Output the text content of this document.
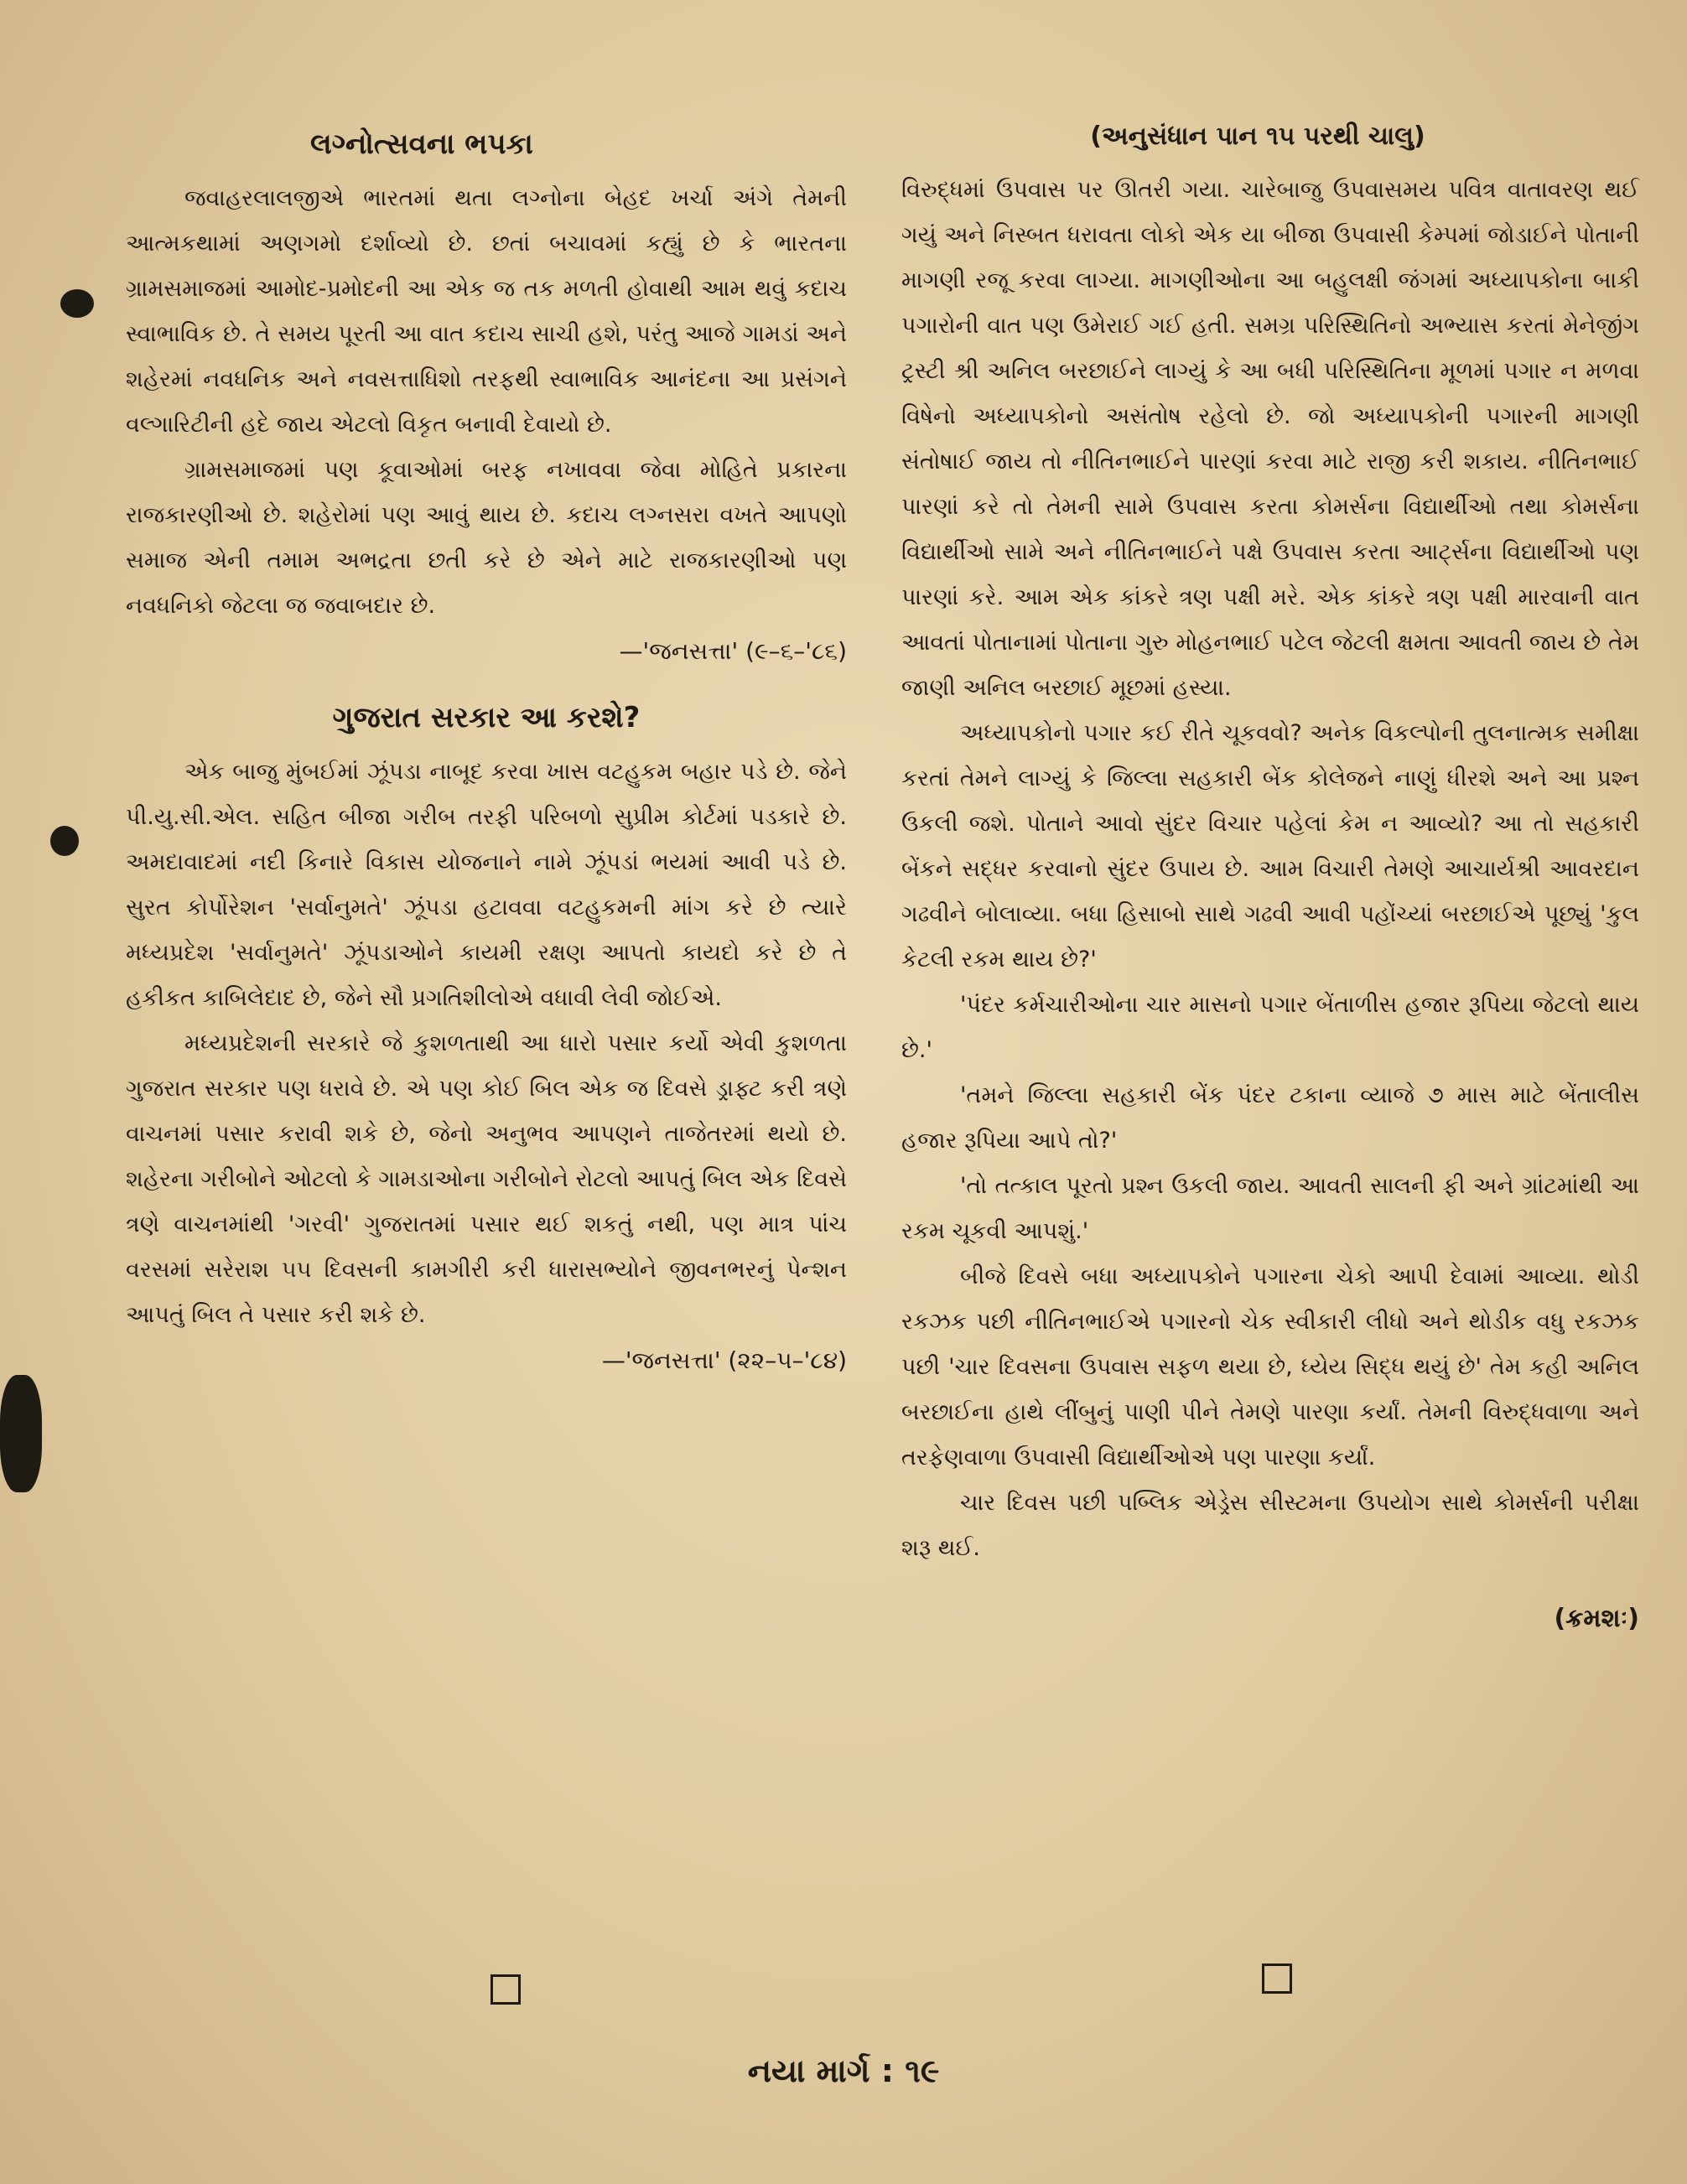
લગ્નોત્સવના ભપકા

જવાહરલાલજીએ ભારતમાં થતા લગ્નોના બેહદ ખર્ચા અંગે તેમની આત્મકથામાં અણગમો દર્શાવ્યો છે. છતાં બચાવમાં કહ્યું છે કે ભારતના ગ્રામસમાજમાં આમોદ-પ્રમોદની આ એક જ તક મળતી હોવાથી આમ થવું કદાચ સ્વાભાવિક છે. તે સમય પૂરતી આ વાત કદાચ સાચી હશે, પરંતુ આજે ગામડાં અને શહેરમાં નવધનિક અને નવસત્તાધિશો તરફથી સ્વાભાવિક આનંદના આ પ્રસંગને વલ્ગારિટીની હદે જાય એટલો વિકૃત બનાવી દેવાયો છે.

ગ્રામસમાજમાં પણ કૂવાઓમાં બરફ નખાવવા જેવા મોહિતે પ્રકારના રાજકારણીઓ છે. શહેરોમાં પણ આવું થાય છે. કદાચ લગ્નસરા વખતે આપણો સમાજ એની તમામ અભદ્રતા છતી કરે છે એને માટે રાજકારણીઓ પણ નવધનિકો જેટલા જ જવાબદાર છે.

—'જનસત્તા' (૯–૬–'૮૬)
ગુજરાત સરકાર આ કરશે?

એક બાજુ મુંબઈમાં ઝૂંપડા નાબૂદ કરવા ખાસ વટહુકમ બહાર પડે છે. જેને પી.યુ.સી.એલ. સહિત બીજા ગરીબ તરફી પરિબળો સુપ્રીમ કોર્ટમાં પડકારે છે. અમદાવાદમાં નદી કિનારે વિકાસ યોજનાને નામે ઝૂંપડાં ભયમાં આવી પડે છે. સુરત કોર્પોરેશન 'સર્વાનુમતે' ઝૂંપડા હટાવવા વટહુકમની માંગ કરે છે ત્યારે મધ્યપ્રદેશ 'સર્વાનુમતે' ઝૂંપડાઓને કાયમી રક્ષણ આપતો કાયદો કરે છે તે હકીકત કાબિલેદાદ છે, જેને સૌ પ્રગતિશીલોએ વધાવી લેવી જોઈએ.

મધ્યપ્રદેશની સરકારે જે કુશળતાથી આ ધારો પસાર કર્યો એવી કુશળતા ગુજરાત સરકાર પણ ધરાવે છે. એ પણ કોઈ બિલ એક જ દિવસે ડ્રાફ્ટ કરી ત્રણે વાચનમાં પસાર કરાવી શકે છે, જેનો અનુભવ આપણને તાજેતરમાં થયો છે. શહેરના ગરીબોને ઓટલો કે ગામડાઓના ગરીબોને રોટલો આપતું બિલ એક દિવસે ત્રણે વાચનમાંથી 'ગરવી' ગુજરાતમાં પસાર થઈ શકતું નથી, પણ માત્ર પાંચ વરસમાં સરેરાશ ૫૫ દિવસની કામગીરી કરી ધારાસભ્યોને જીવનભરનું પેન્શન આપતું બિલ તે પસાર કરી શકે છે.

—'જનસત્તા' (૨૨–૫–'૮૪)
(અનુસંધાન પાન ૧૫ પરથી ચાલુ)

વિરુદ્ધમાં ઉપવાસ પર ઊતરી ગયા. ચારેબાજુ ઉપવાસમય પવિત્ર વાતાવરણ થઈ ગયું અને નિસ્બત ધરાવતા લોકો એક યા બીજા ઉપવાસી કેમ્પમાં જોડાઈને પોતાની માગણી રજૂ કરવા લાગ્યા. માગણીઓના આ બહુલક્ષી જંગમાં અધ્યાપકોના બાકી પગારોની વાત પણ ઉમેરાઈ ગઈ હતી. સમગ્ર પરિસ્થિતિનો અભ્યાસ કરતાં મેનેજીંગ ટ્રસ્ટી શ્રી અનિલ બરછાઈને લાગ્યું કે આ બધી પરિસ્થિતિના મૂળમાં પગાર ન મળવા વિષેનો અધ્યાપકોનો અસંતોષ રહેલો છે. જો અધ્યાપકોની પગારની માગણી સંતોષાઈ જાય તો નીતિનભાઈને પારણાં કરવા માટે રાજી કરી શકાય. નીતિનભાઈ પારણાં કરે તો તેમની સામે ઉપવાસ કરતા કોમર્સના વિદ્યાર્થીઓ તથા કોમર્સના વિદ્યાર્થીઓ સામે અને નીતિનભાઈને પક્ષે ઉપવાસ કરતા આર્ટ્સના વિદ્યાર્થીઓ પણ પારણાં કરે. આમ એક કાંકરે ત્રણ પક્ષી મરે. એક કાંકરે ત્રણ પક્ષી મારવાની વાત આવતાં પોતાનામાં પોતાના ગુરુ મોહનભાઈ પટેલ જેટલી ક્ષમતા આવતી જાય છે તેમ જાણી અનિલ બરછાઈ મૂછમાં હસ્યા.

અધ્યાપકોનો પગાર કઈ રીતે ચૂકવવો? અનેક વિકલ્પોની તુલનાત્મક સમીક્ષા કરતાં તેમને લાગ્યું કે જિલ્લા સહકારી બેંક કોલેજને નાણું ધીરશે અને આ પ્રશ્ન ઉકલી જશે. પોતાને આવો સુંદર વિચાર પહેલાં કેમ ન આવ્યો? આ તો સહકારી બેંકને સદ્ધર કરવાનો સુંદર ઉપાય છે. આમ વિચારી તેમણે આચાર્યશ્રી આવરદાન ગઢવીને બોલાવ્યા. બધા હિસાબો સાથે ગઢવી આવી પહોંચ્યાં બરછાઈએ પૂછ્યું 'કુલ કેટલી રકમ થાય છે?'

'પંદર કર્મચારીઓના ચાર માસનો પગાર બેંતાળીસ હજાર રૂપિયા જેટલો થાય છે.'

'તમને જિલ્લા સહકારી બેંક પંદર ટકાના વ્યાજે ૭ માસ માટે બેંતાલીસ હજાર રૂપિયા આપે તો?'

'તો તત્કાલ પૂરતો પ્રશ્ન ઉકલી જાય. આવતી સાલની ફી અને ગ્રાંટમાંથી આ રકમ ચૂકવી આપશું.'

બીજે દિવસે બધા અધ્યાપકોને પગારના ચેકો આપી દેવામાં આવ્યા. થોડી રકઝક પછી નીતિનભાઈએ પગારનો ચેક સ્વીકારી લીધો અને થોડીક વધુ રકઝક પછી 'ચાર દિવસના ઉપવાસ સફળ થયા છે, ધ્યેય સિદ્ધ થયું છે' તેમ કહી અનિલ બરછાઈના હાથે લીંબુનું પાણી પીને તેમણે પારણા કર્યાં. તેમની વિરુદ્ધવાળા અને તરફેણવાળા ઉપવાસી વિદ્યાર્થીઓએ પણ પારણા કર્યાં.

ચાર દિવસ પછી પબ્લિક એડ્રેસ સીસ્ટમના ઉપયોગ સાથે કોમર્સની પરીક્ષા શરૂ થઈ.

(ક્રમશઃ)
નયા માર્ગ : ૧૯
